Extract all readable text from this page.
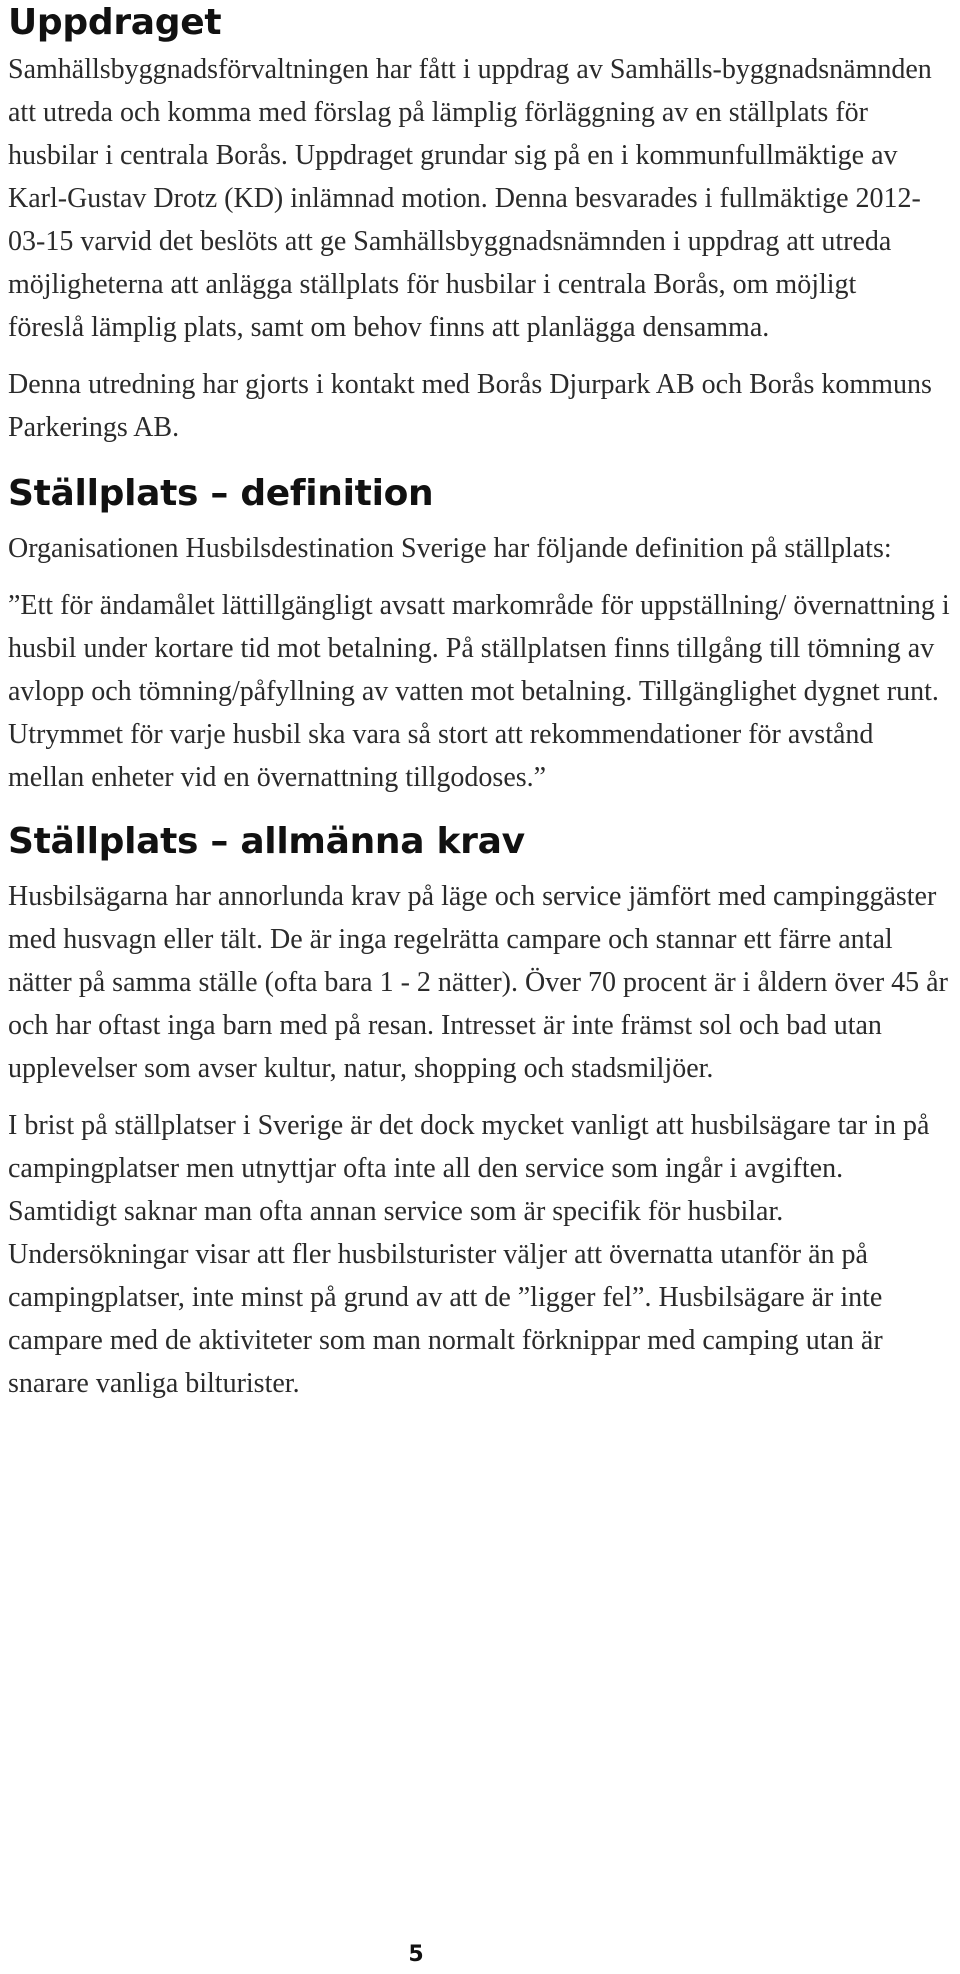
Uppdraget

Samhällsbyggnadsförvaltningen har fått i uppdrag av Samhälls-byggnadsnämnden att utreda och komma med förslag på lämplig förläggning av en ställplats för husbilar i centrala Borås. Uppdraget grundar sig på en i kommunfullmäktige av Karl-Gustav Drotz (KD) inlämnad motion. Denna besvarades i fullmäktige 2012-03-15 varvid det beslöts att ge Samhällsbyggnadsnämnden i uppdrag att utreda möjligheterna att anlägga ställplats för husbilar i centrala Borås, om möjligt föreslå lämplig plats, samt om behov finns att planlägga densamma.

Denna utredning har gjorts i kontakt med Borås Djurpark AB och Borås kommuns Parkerings AB.

Ställplats – definition

Organisationen Husbilsdestination Sverige har följande definition på ställplats:

”Ett för ändamålet lättillgängligt avsatt markområde för uppställning/ övernattning i husbil under kortare tid mot betalning. På ställplatsen finns tillgång till tömning av avlopp och tömning/påfyllning av vatten mot betalning. Tillgänglighet dygnet runt. Utrymmet för varje husbil ska vara så stort att rekommendationer för avstånd mellan enheter vid en övernattning tillgodoses.”

Ställplats – allmänna krav

Husbilsägarna har annorlunda krav på läge och service jämfört med campinggäster med husvagn eller tält. De är inga regelrätta campare och stannar ett färre antal nätter på samma ställe (ofta bara 1 - 2 nätter). Över 70 procent är i åldern över 45 år och har oftast inga barn med på resan. Intresset är inte främst sol och bad utan upplevelser som avser kultur, natur, shopping och stadsmiljöer.

I brist på ställplatser i Sverige är det dock mycket vanligt att husbilsägare tar in på campingplatser men utnyttjar ofta inte all den service som ingår i avgiften. Samtidigt saknar man ofta annan service som är specifik för husbilar. Undersökningar visar att fler husbilsturister väljer att övernatta utanför än på campingplatser, inte minst på grund av att de ”ligger fel”. Husbilsägare är inte campare med de aktiviteter som man normalt förknippar med camping utan är snarare vanliga bilturister.

5
